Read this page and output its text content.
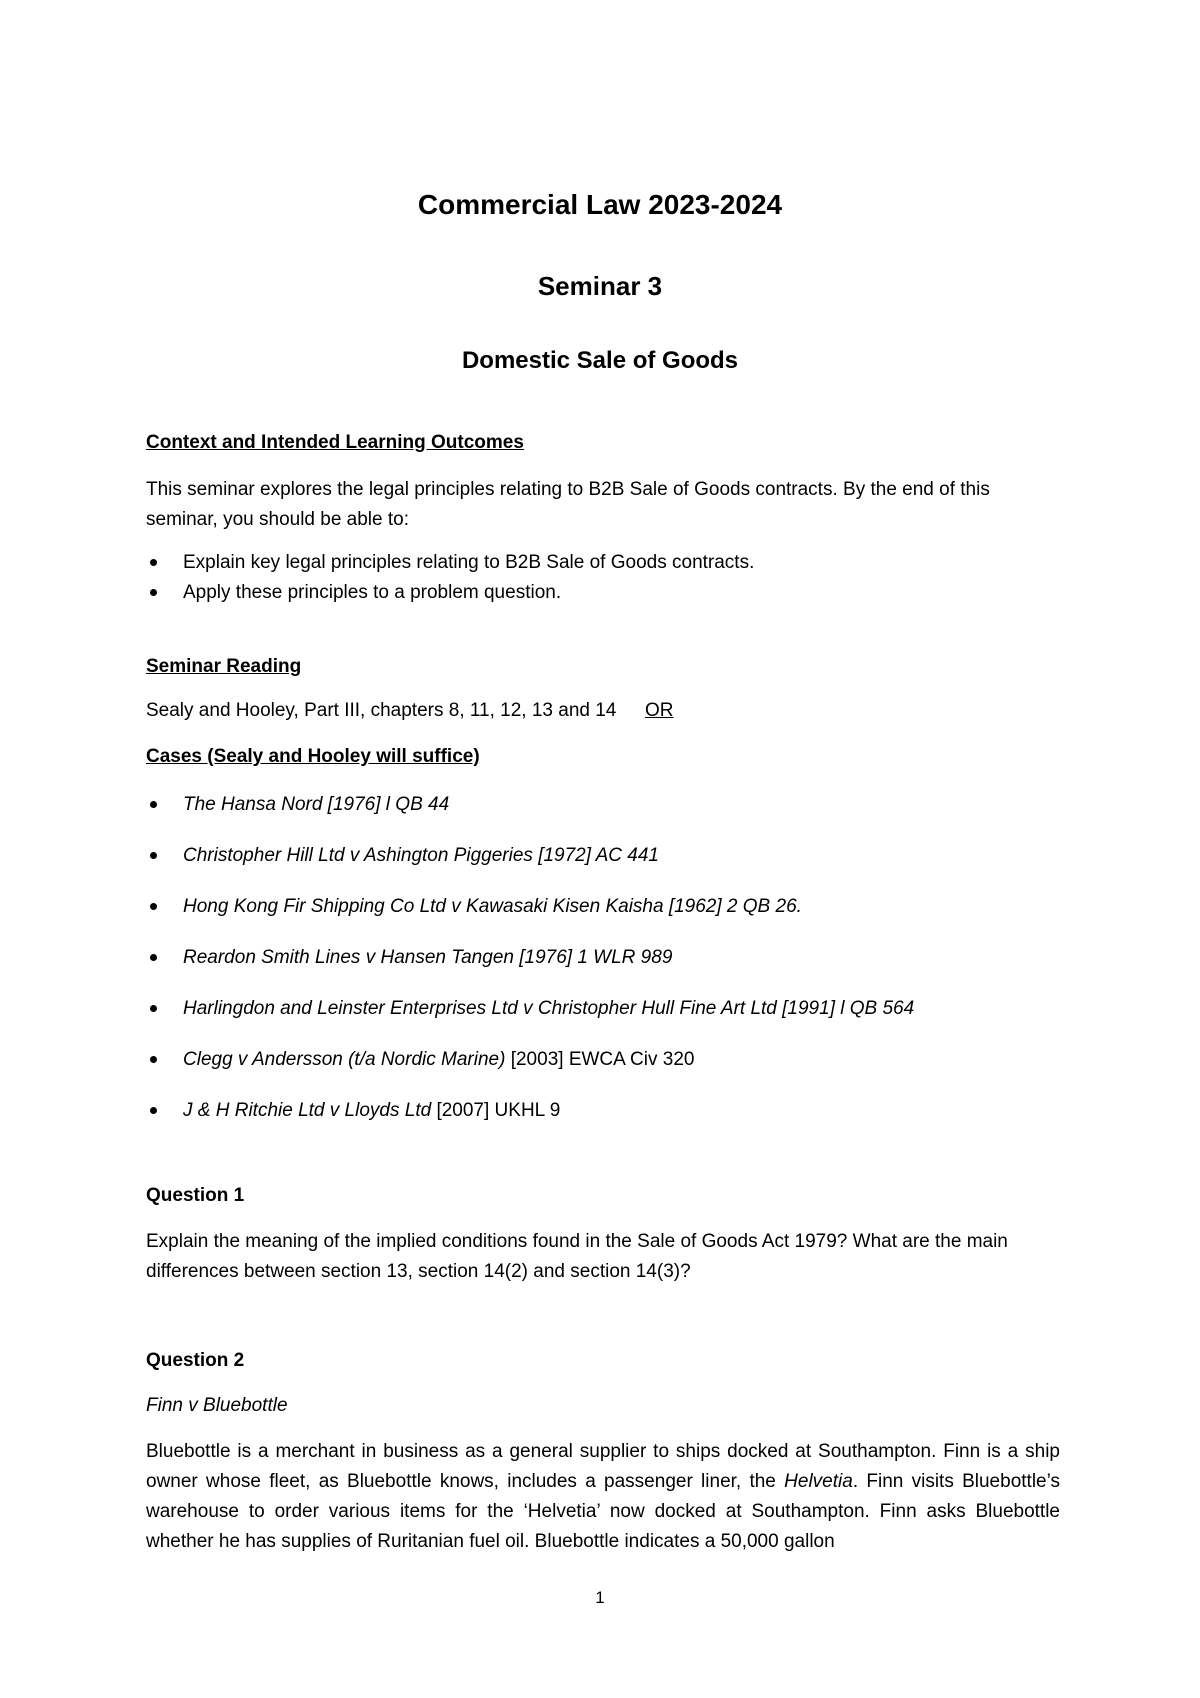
Commercial Law 2023-2024
Seminar 3
Domestic Sale of Goods
Context and Intended Learning Outcomes

This seminar explores the legal principles relating to B2B Sale of Goods contracts. By the end of this seminar, you should be able to:

Explain key legal principles relating to B2B Sale of Goods contracts.
Apply these principles to a problem question.
Seminar Reading
Sealy and Hooley, Part III, chapters 8, 11, 12, 13 and 14 OR
Cases (Sealy and Hooley will suffice)
The Hansa Nord [1976] l QB 44
Christopher Hill Ltd v Ashington Piggeries [1972] AC 441
Hong Kong Fir Shipping Co Ltd v Kawasaki Kisen Kaisha [1962] 2 QB 26.
Reardon Smith Lines v Hansen Tangen [1976] 1 WLR 989
Harlingdon and Leinster Enterprises Ltd v Christopher Hull Fine Art Ltd [1991] l QB 564
Clegg v Andersson (t/a Nordic Marine) [2003] EWCA Civ 320
J & H Ritchie Ltd v Lloyds Ltd [2007] UKHL 9
Question 1

Explain the meaning of the implied conditions found in the Sale of Goods Act 1979? What are the main differences between section 13, section 14(2) and section 14(3)?

Question 2
Finn v Bluebottle

Bluebottle is a merchant in business as a general supplier to ships docked at Southampton. Finn is a ship owner whose fleet, as Bluebottle knows, includes a passenger liner, the Helvetia. Finn visits Bluebottle’s warehouse to order various items for the ‘Helvetia’ now docked at Southampton. Finn asks Bluebottle whether he has supplies of Ruritanian fuel oil. Bluebottle indicates a 50,000 gallon

1
